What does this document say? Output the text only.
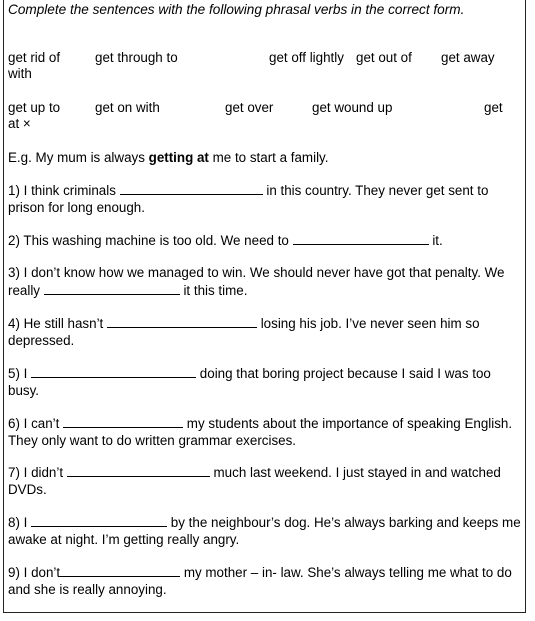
Complete the sentences with the following phrasal verbs in the correct form.
get rid of	get through to	get off lightly get out of get away
with
get up to	get on with	get over	get wound up	get
at ×
E.g. My mum is always getting at me to start a family.
1) I think criminals	in this country. They never get sent to prison for long enough.
2) This washing machine is too old. We need to	it.
3) I don’t know how we managed to win. We should never have got that penalty. We really	it this time.
4) He still hasn’t	losing his job. I’ve never seen him so depressed.
5) I	doing that boring project because I said I was too busy.
6) I can’t	my students about the importance of speaking English. They only want to do written grammar exercises.
7) I didn’t	much last weekend. I just stayed in and watched DVDs.
8) I	by the neighbour’s dog. He’s always barking and keeps me awake at night. I’m getting really angry.
9) I don’t	my mother – in- law. She’s always telling me what to do and she is really annoying.
